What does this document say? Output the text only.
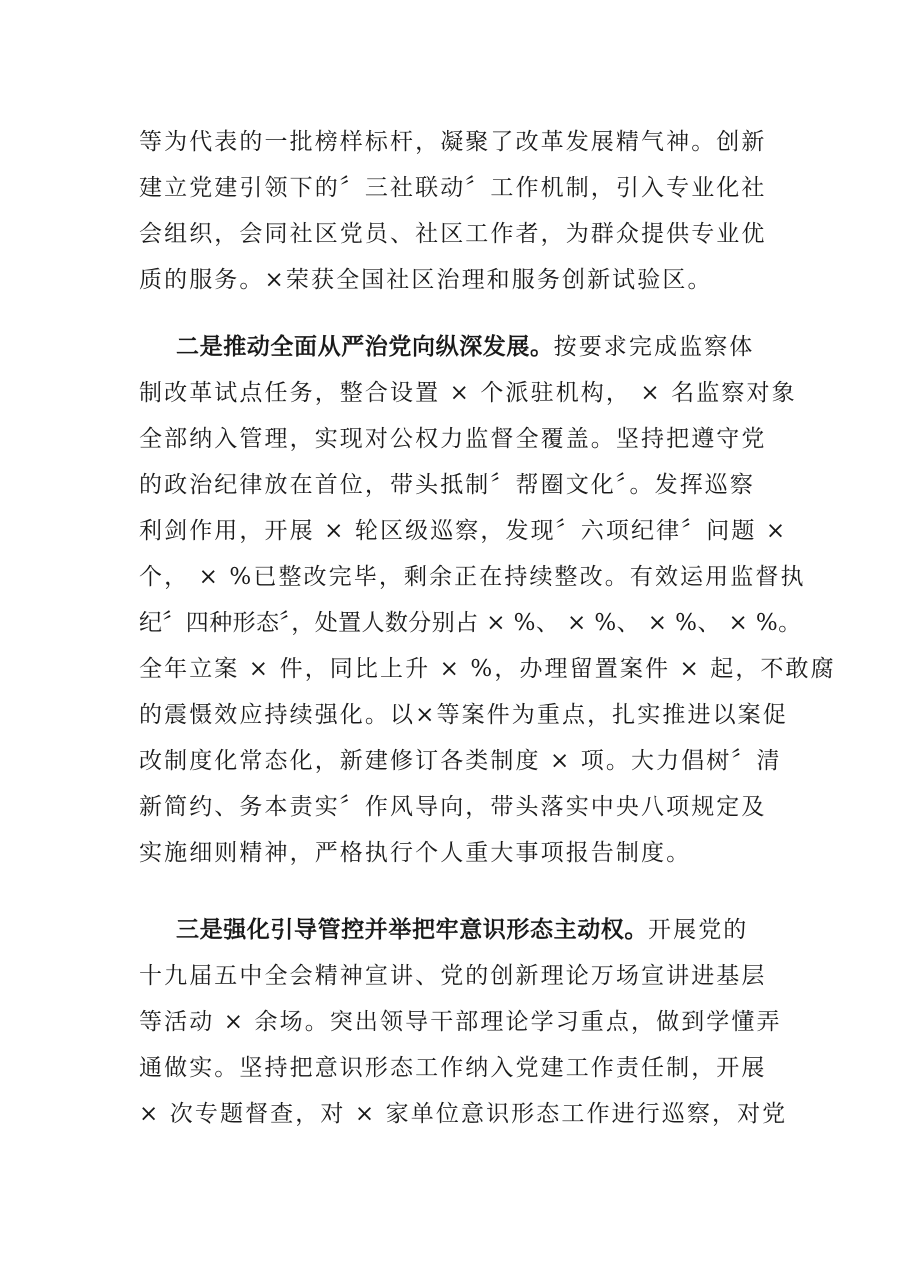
等为代表的一批榜样标杆，凝聚了改革发展精气神。创新
建立党建引领下的〞三社联动〞工作机制，引入专业化社
会组织，会同社区党员、社区工作者，为群众提供专业优
质的服务。×荣获全国社区治理和服务创新试验区。
二是推动全面从严治党向纵深发展。按要求完成监察体
制改革试点任务，整合设置 × 个派驻机构， × 名监察对象
全部纳入管理，实现对公权力监督全覆盖。坚持把遵守党
的政治纪律放在首位，带头抵制〞帮圈文化〞。发挥巡察
利剑作用，开展 × 轮区级巡察，发现〞六项纪律〞问题 ×
个， × %已整改完毕，剩余正在持续整改。有效运用监督执
纪〞四种形态〞，处置人数分别占 × %、 × %、 × %、 × %。
全年立案 × 件，同比上升 × %，办理留置案件 × 起，不敢腐
的震慑效应持续强化。以×等案件为重点，扎实推进以案促
改制度化常态化，新建修订各类制度 × 项。大力倡树〞清
新简约、务本责实〞作风导向，带头落实中央八项规定及
实施细则精神，严格执行个人重大事项报告制度。
三是强化引导管控并举把牢意识形态主动权。开展党的
十九届五中全会精神宣讲、党的创新理论万场宣讲进基层
等活动 × 余场。突出领导干部理论学习重点，做到学懂弄
通做实。坚持把意识形态工作纳入党建工作责任制，开展
× 次专题督查，对 × 家单位意识形态工作进行巡察，对党
